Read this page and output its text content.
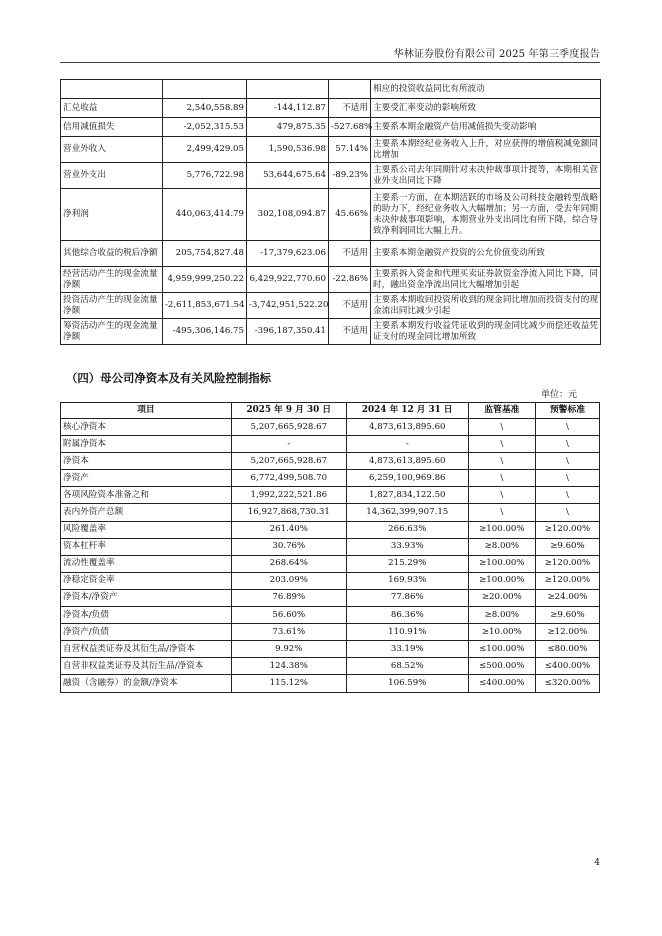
华林证券股份有限公司 2025 年第三季度报告
				相应的投资收益同比有所波动
汇兑收益	2,540,558.89	-144,112.87	不适用	主要受汇率变动的影响所致
信用减值损失	-2,052,315.53	479,875.35	-527.68%	主要系本期金融资产信用减值损失变动影响
营业外收入	2,499,429.05	1,590,536.98	57.14%	主要系本期经纪业务收入上升，对应获得的增值税减免额同比增加
营业外支出	5,776,722.98	53,644,675.64	-89.23%	主要系公司去年同期针对未决仲裁事项计提等，本期相关营业外支出同比下降
净利润	440,063,414.79	302,108,094.87	45.66%	主要系一方面，在本期活跃的市场及公司科技金融转型战略的助力下，经纪业务收入大幅增加；另一方面，受去年同期未决仲裁事项影响，本期营业外支出同比有所下降，综合导致净利润同比大幅上升。
其他综合收益的税后净额	205,754,827.48	-17,379,623.06	不适用	主要系本期金融资产投资的公允价值变动所致
经营活动产生的现金流量净额	4,959,999,250.22	6,429,922,770.60	-22.86%	主要系拆入资金和代理买卖证券款资金净流入同比下降，同时，融出资金净流出同比大幅增加引起
投资活动产生的现金流量净额	-2,611,853,671.54	-3,742,951,522.20	不适用	主要系本期收回投资所收到的现金同比增加而投资支付的现金流出同比减少引起
筹资活动产生的现金流量净额	-495,306,146.75	-396,187,350.41	不适用	主要系本期发行收益凭证收到的现金同比减少而偿还收益凭证支付的现金同比增加所致
（四）母公司净资本及有关风险控制指标
单位：元
项目	2025 年 9 月 30 日	2024 年 12 月 31 日	监管基准	预警标准
核心净资本	5,207,665,928.67	4,873,613,895.60	\	\
附属净资本	-	-	\	\
净资本	5,207,665,928.67	4,873,613,895.60	\	\
净资产	6,772,499,508.70	6,259,100,969.86	\	\
各项风险资本准备之和	1,992,222,521.86	1,827,834,122.50	\	\
表内外资产总额	16,927,868,730.31	14,362,399,907.15	\	\
风险覆盖率	261.40%	266.63%	≥100.00%	≥120.00%
资本杠杆率	30.76%	33.93%	≥8.00%	≥9.60%
流动性覆盖率	268.64%	215.29%	≥100.00%	≥120.00%
净稳定资金率	203.09%	169.93%	≥100.00%	≥120.00%
净资本/净资产	76.89%	77.86%	≥20.00%	≥24.00%
净资本/负债	56.60%	86.36%	≥8.00%	≥9.60%
净资产/负债	73.61%	110.91%	≥10.00%	≥12.00%
自营权益类证券及其衍生品/净资本	9.92%	33.19%	≤100.00%	≤80.00%
自营非权益类证券及其衍生品/净资本	124.38%	68.52%	≤500.00%	≤400.00%
融资（含融券）的金额/净资本	115.12%	106.59%	≤400.00%	≤320.00%
4
